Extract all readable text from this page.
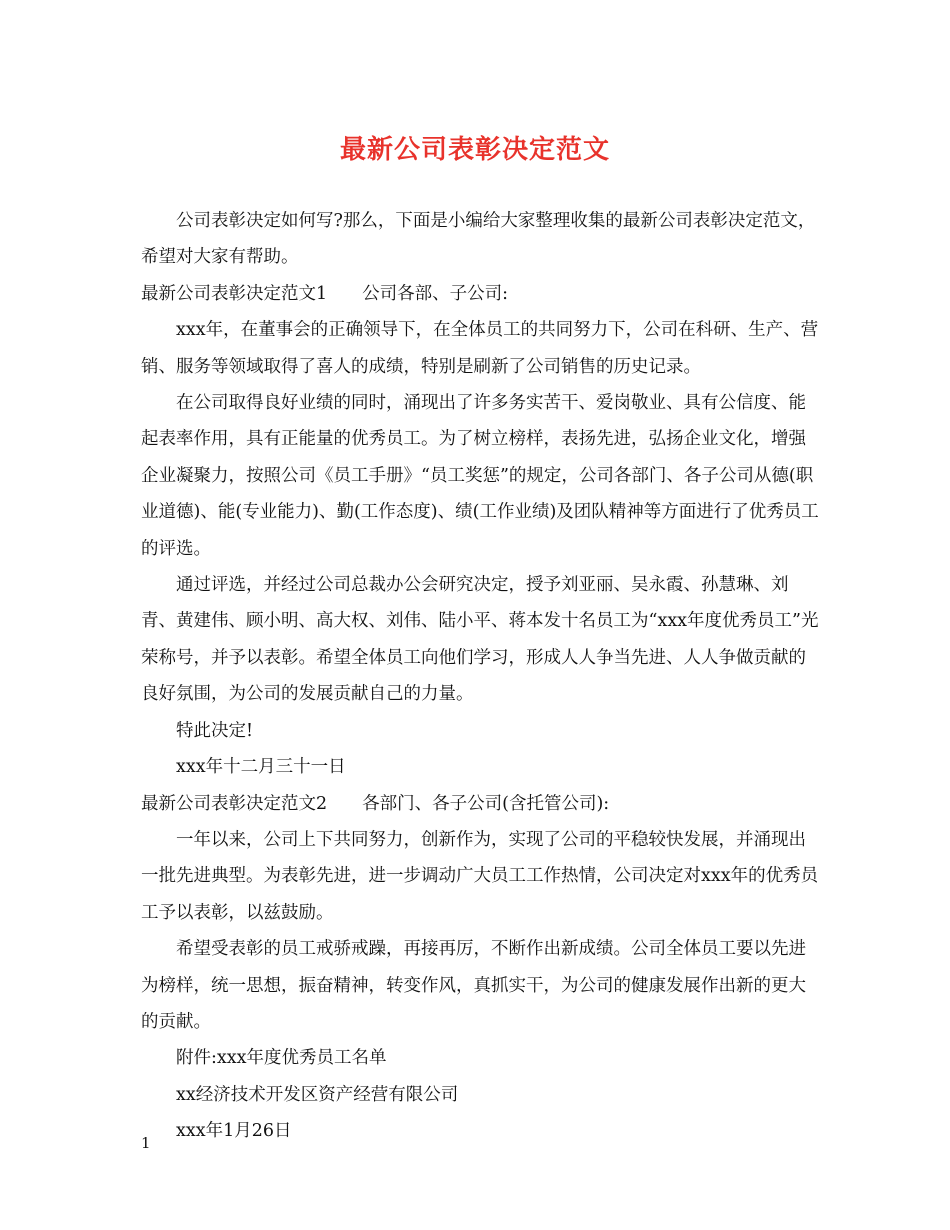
最新公司表彰决定范文

公司表彰决定如何写?那么，下面是小编给大家整理收集的最新公司表彰决定范文，希望对大家有帮助。

最新公司表彰决定范文1　　公司各部、子公司:

xxx年，在董事会的正确领导下，在全体员工的共同努力下，公司在科研、生产、营销、服务等领域取得了喜人的成绩，特别是刷新了公司销售的历史记录。

在公司取得良好业绩的同时，涌现出了许多务实苦干、爱岗敬业、具有公信度、能起表率作用，具有正能量的优秀员工。为了树立榜样，表扬先进，弘扬企业文化，增强企业凝聚力，按照公司《员工手册》“员工奖惩”的规定，公司各部门、各子公司从德(职业道德)、能(专业能力)、勤(工作态度)、绩(工作业绩)及团队精神等方面进行了优秀员工的评选。

通过评选，并经过公司总裁办公会研究决定，授予刘亚丽、吴永霞、孙慧琳、刘青、黄建伟、顾小明、高大权、刘伟、陆小平、蒋本发十名员工为“xxx年度优秀员工”光荣称号，并予以表彰。希望全体员工向他们学习，形成人人争当先进、人人争做贡献的良好氛围，为公司的发展贡献自己的力量。

特此决定!

xxx年十二月三十一日

最新公司表彰决定范文2　　各部门、各子公司(含托管公司):

一年以来，公司上下共同努力，创新作为，实现了公司的平稳较快发展，并涌现出一批先进典型。为表彰先进，进一步调动广大员工工作热情，公司决定对xxx年的优秀员工予以表彰，以兹鼓励。

希望受表彰的员工戒骄戒躁，再接再厉，不断作出新成绩。公司全体员工要以先进为榜样，统一思想，振奋精神，转变作风，真抓实干，为公司的健康发展作出新的更大的贡献。

附件:xxx年度优秀员工名单

xx经济技术开发区资产经营有限公司

xxx年1月26日

1
